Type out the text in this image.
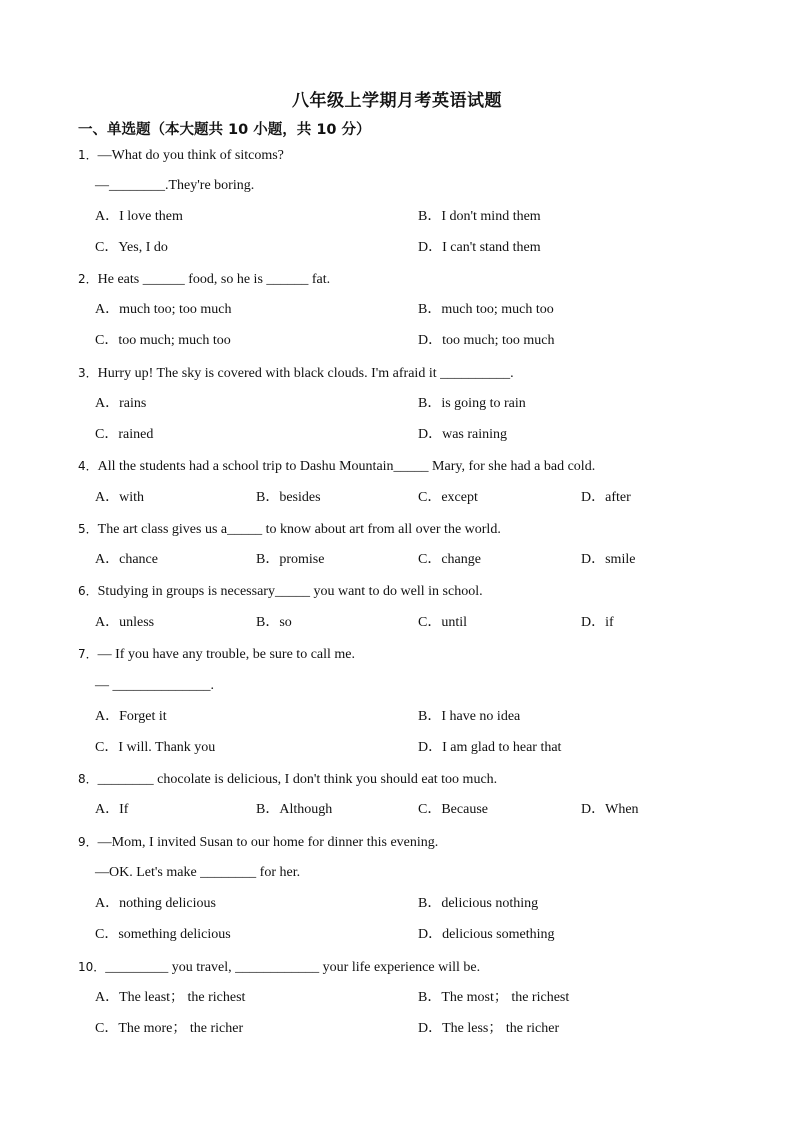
八年级上学期月考英语试题
一、单选题（本大题共 10 小题，共 10 分）
1．—What do you think of sitcoms?
—________.They're boring.
A．I love them	B．I don't mind them
C．Yes, I do	D．I can't stand them
2．He eats ______ food, so he is ______ fat.
A．much too; too much	B．much too; much too
C．too much; much too	D．too much; too much
3．Hurry up! The sky is covered with black clouds. I'm afraid it __________.
A．rains	B．is going to rain
C．rained	D．was raining
4．All the students had a school trip to Dashu Mountain_____ Mary, for she had a bad cold.
A．with	B．besides	C．except	D．after
5．The art class gives us a_____ to know about art from all over the world.
A．chance	B．promise	C．change	D．smile
6．Studying in groups is necessary_____ you want to do well in school.
A．unless	B．so	C．until	D．if
7．— If you have any trouble, be sure to call me.
— ______________.
A．Forget it	B．I have no idea
C．I will. Thank you	D．I am glad to hear that
8．________ chocolate is delicious, I don't think you should eat too much.
A．If	B．Although	C．Because	D．When
9．—Mom, I invited Susan to our home for dinner this evening.
—OK. Let's make ________ for her.
A．nothing delicious	B．delicious nothing
C．something delicious	D．delicious something
10．_________ you travel, ____________ your life experience will be.
A．The least； the richest	B．The most； the richest
C．The more； the richer	D．The less； the richer
